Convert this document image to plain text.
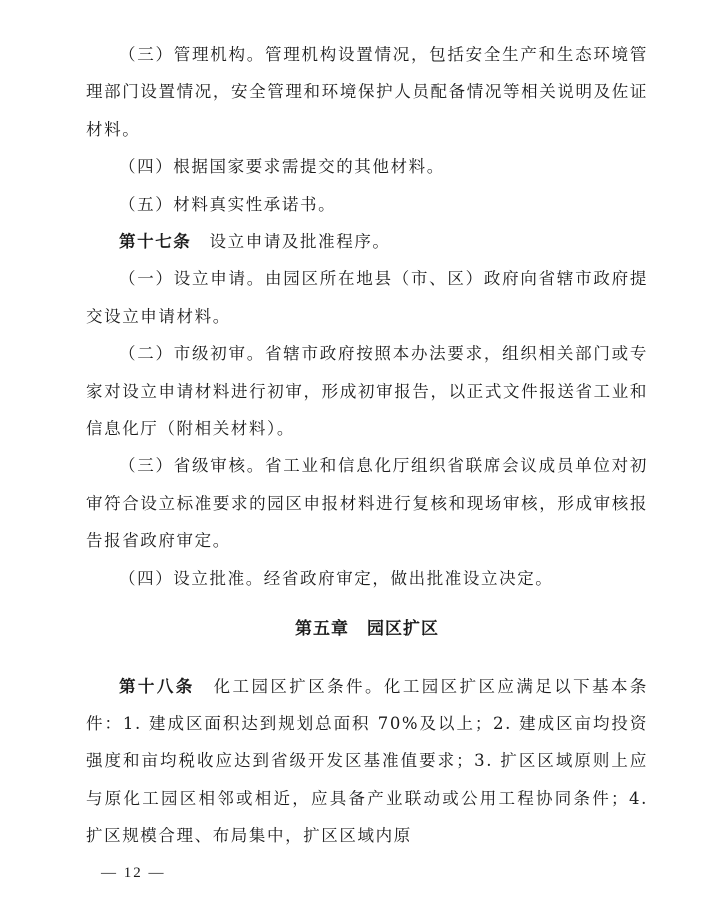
（三）管理机构。管理机构设置情况，包括安全生产和生态环境管理部门设置情况，安全管理和环境保护人员配备情况等相关说明及佐证材料。

（四）根据国家要求需提交的其他材料。

（五）材料真实性承诺书。

第十七条　 设立申请及批准程序。

（一）设立申请。由园区所在地县（市、区）政府向省辖市政府提交设立申请材料。

（二）市级初审。省辖市政府按照本办法要求，组织相关部门或专家对设立申请材料进行初审，形成初审报告，以正式文件报送省工业和信息化厅（附相关材料）。

（三）省级审核。省工业和信息化厅组织省联席会议成员单位对初审符合设立标准要求的园区申报材料进行复核和现场审核，形成审核报告报省政府审定。

（四）设立批准。经省政府审定，做出批准设立决定。

第五章　园区扩区

第十八条　 化工园区扩区条件。化工园区扩区应满足以下基本条件：1. 建成区面积达到规划总面积 70%及以上；2. 建成区亩均投资强度和亩均税收应达到省级开发区基准值要求；3. 扩区区域原则上应与原化工园区相邻或相近，应具备产业联动或公用工程协同条件；4. 扩区规模合理、布局集中，扩区区域内原

— 12 —
